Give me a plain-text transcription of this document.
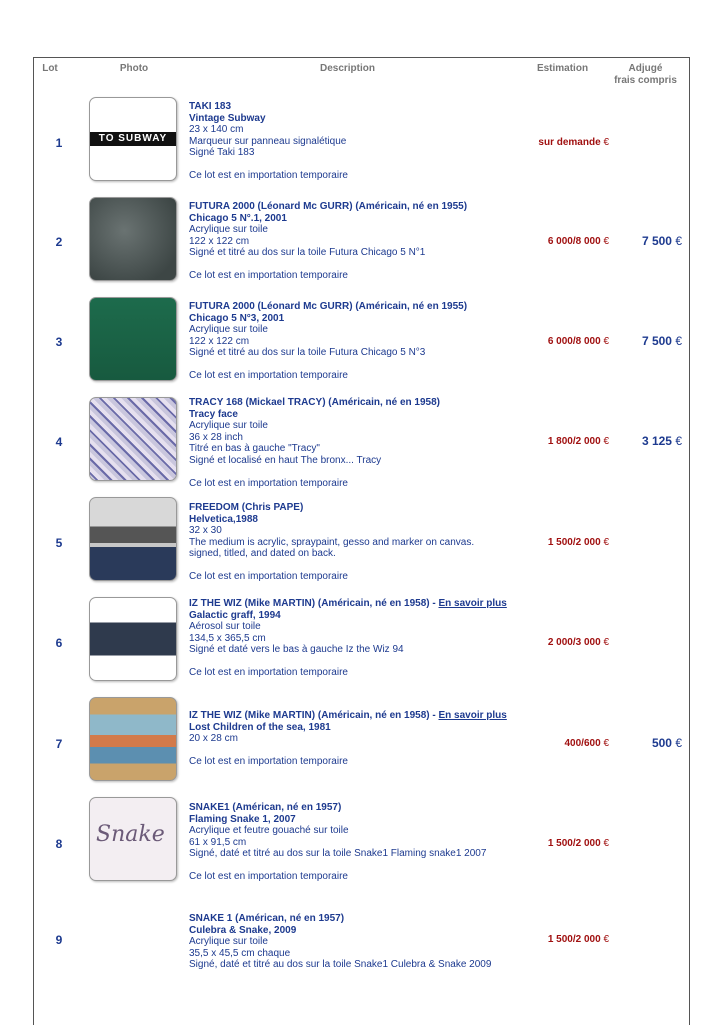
Lot	Photo	Description	Estimation	Adjugé
frais compris
1	TO SUBWAY
TAKI 183
Vintage Subway
23 x 140 cm
Marqueur sur panneau signalétique
Signé Taki 183
Ce lot est en importation temporaire
sur demande €
2
FUTURA 2000 (Léonard Mc GURR) (Américain, né en 1955)
Chicago 5 N°.1, 2001
Acrylique sur toile
122 x 122 cm
Signé et titré au dos sur la toile Futura Chicago 5 N°1
Ce lot est en importation temporaire
6 000/8 000 €	7 500 €
3
FUTURA 2000 (Léonard Mc GURR) (Américain, né en 1955)
Chicago 5 N°3, 2001
Acrylique sur toile
122 x 122 cm
Signé et titré au dos sur la toile Futura Chicago 5 N°3
Ce lot est en importation temporaire
6 000/8 000 €	7 500 €
4
TRACY 168 (Mickael TRACY) (Américain, né en 1958)
Tracy face
Acrylique sur toile
36 x 28 inch
Titré en bas à gauche "Tracy"
Signé et localisé en haut The bronx... Tracy
Ce lot est en importation temporaire
1 800/2 000 €	3 125 €
5
FREEDOM (Chris PAPE)
Helvetica,1988
32 x 30
The medium is acrylic, spraypaint, gesso and marker on canvas.
signed, titled, and dated on back.
Ce lot est en importation temporaire
1 500/2 000 €
6
IZ THE WIZ (Mike MARTIN) (Américain, né en 1958) - En savoir plus
Galactic graff, 1994
Aérosol sur toile
134,5 x 365,5 cm
Signé et daté vers le bas à gauche Iz the Wiz 94
Ce lot est en importation temporaire
2 000/3 000 €
7
IZ THE WIZ (Mike MARTIN) (Américain, né en 1958) - En savoir plus
Lost Children of the sea, 1981
20 x 28 cm
Ce lot est en importation temporaire
400/600 €	500 €
8	Snake
SNAKE1 (Américan, né en 1957)
Flaming Snake 1, 2007
Acrylique et feutre gouaché sur toile
61 x 91,5 cm
Signé, daté et titré au dos sur la toile Snake1 Flaming snake1 2007
Ce lot est en importation temporaire
1 500/2 000 €
9
SNAKE 1 (Américan, né en 1957)
Culebra & Snake, 2009
Acrylique sur toile
35,5 x 45,5 cm chaque
Signé, daté et titré au dos sur la toile Snake1 Culebra & Snake 2009
1 500/2 000 €
